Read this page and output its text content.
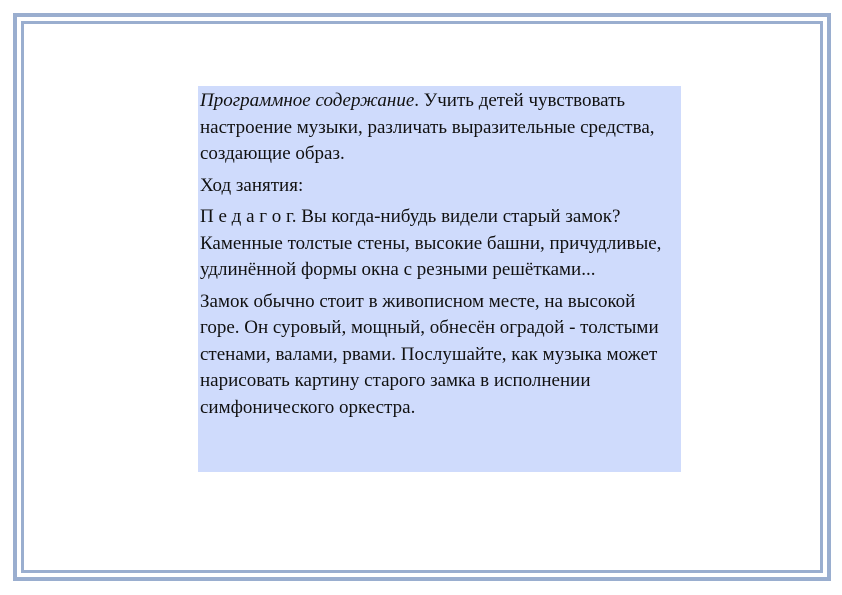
Программное содержание. Учить детей чувствовать настроение музыки, различать выразительные средства, создающие образ.

Ход занятия:

П е д а г о г. Вы когда-нибудь видели старый замок? Каменные толстые стены, высокие башни, причудливые, удлинённой формы окна с резными решётками...

Замок обычно стоит в живописном месте, на высокой горе. Он суровый, мощный, обнесён оградой - толстыми стенами, валами, рвами. Послушайте, как музыка может нарисовать картину старого замка в исполнении симфонического оркестра.
